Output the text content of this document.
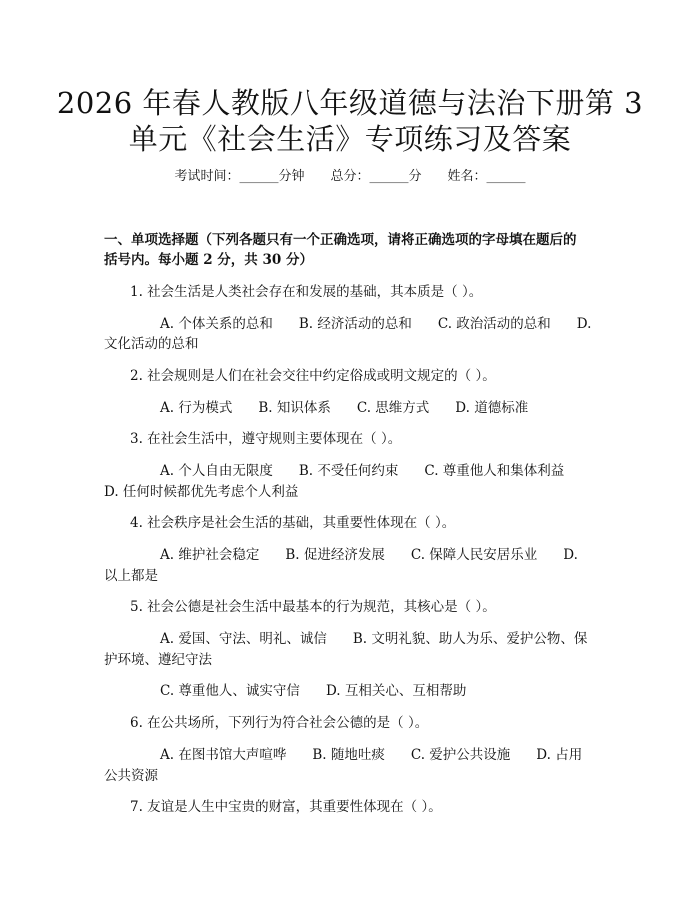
2026 年春人教版八年级道德与法治下册第 3
单元《社会生活》专项练习及答案
考试时间：______分钟 总分：______分 姓名：______
一、单项选择题（下列各题只有一个正确选项，请将正确选项的字母填在题后的
括号内。每小题 2 分，共 30 分）
1. 社会生活是人类社会存在和发展的基础，其本质是（ ）。
A. 个体关系的总和 B. 经济活动的总和 C. 政治活动的总和 D.
文化活动的总和
2. 社会规则是人们在社会交往中约定俗成或明文规定的（ ）。
A. 行为模式 B. 知识体系 C. 思维方式 D. 道德标准
3. 在社会生活中，遵守规则主要体现在（ ）。
A. 个人自由无限度 B. 不受任何约束 C. 尊重他人和集体利益
D. 任何时候都优先考虑个人利益
4. 社会秩序是社会生活的基础，其重要性体现在（ ）。
A. 维护社会稳定 B. 促进经济发展 C. 保障人民安居乐业 D.
以上都是
5. 社会公德是社会生活中最基本的行为规范，其核心是（ ）。
A. 爱国、守法、明礼、诚信 B. 文明礼貌、助人为乐、爱护公物、保
护环境、遵纪守法
C. 尊重他人、诚实守信 D. 互相关心、互相帮助
6. 在公共场所，下列行为符合社会公德的是（ ）。
A. 在图书馆大声喧哗 B. 随地吐痰 C. 爱护公共设施 D. 占用
公共资源
7. 友谊是人生中宝贵的财富，其重要性体现在（ ）。
